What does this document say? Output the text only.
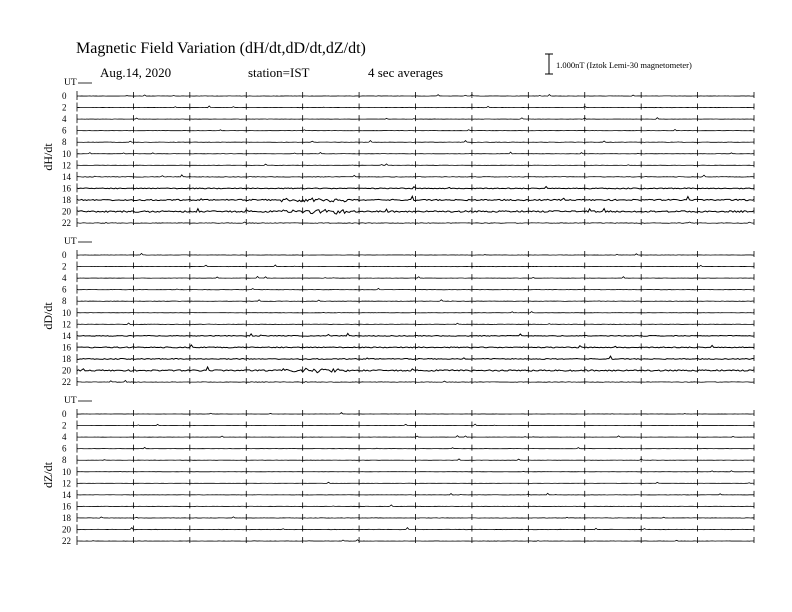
Magnetic Field Variation (dH/dt,dD/dt,dZ/dt)
Aug.14, 2020	station=IST	4 sec averages	1.000nT (Iztok Lemi-30 magnetometer)
UT
dH/dt
0
2
4
6
8
10
12
14
16
18
20
22
UT
dD/dt
0
2
4
6
8
10
12
14
16
18
20
22
UT
dZ/dt
0
2
4
6
8
10
12
14
16
18
20
22
